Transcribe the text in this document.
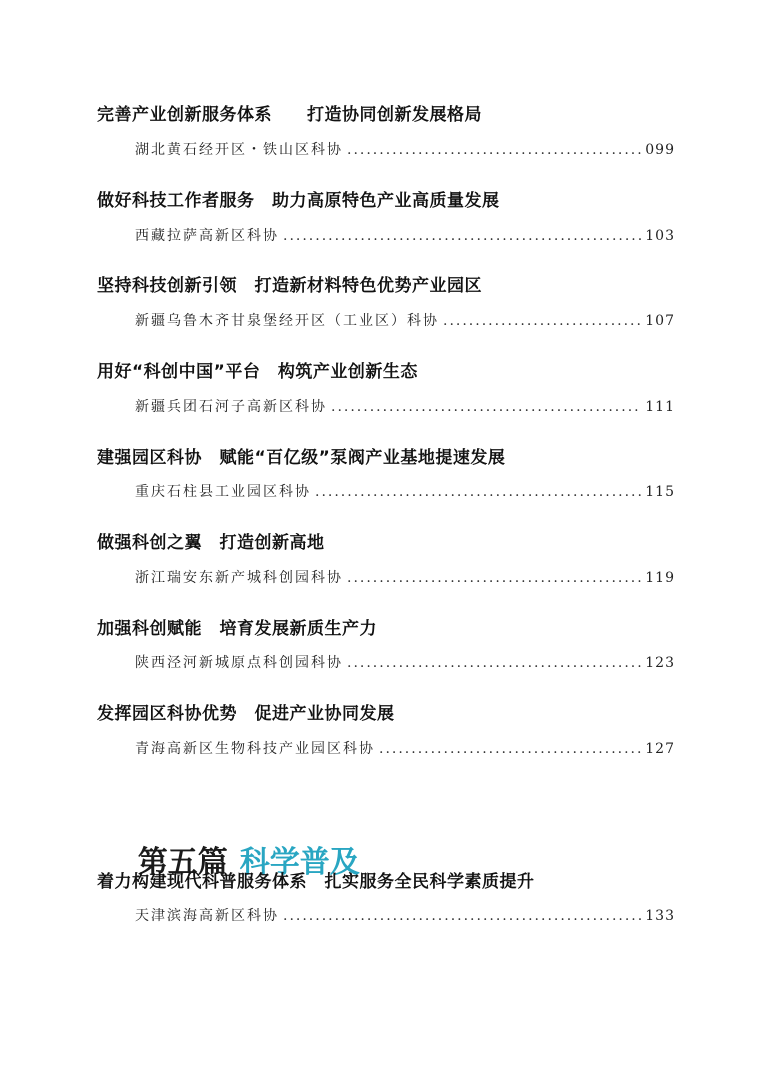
完善产业创新服务体系　　打造协同创新发展格局
湖北黄石经开区・铁山区科协 .....	099
做好科技工作者服务　助力高原特色产业高质量发展
西藏拉萨高新区科协 .....	103
坚持科技创新引领　打造新材料特色优势产业园区
新疆乌鲁木齐甘泉堡经开区（工业区）科协 .....	107
用好“科创中国”平台　构筑产业创新生态
新疆兵团石河子高新区科协 .....	111
建强园区科协　赋能“百亿级”泵阀产业基地提速发展
重庆石柱县工业园区科协 .....	115
做强科创之翼　打造创新高地
浙江瑞安东新产城科创园科协 .....	119
加强科创赋能　培育发展新质生产力
陕西泾河新城原点科创园科协 .....	123
发挥园区科协优势　促进产业协同发展
青海高新区生物科技产业园区科协 .....	127

第五篇 科学普及

着力构建现代科普服务体系　扎实服务全民科学素质提升
天津滨海高新区科协 .....	133
